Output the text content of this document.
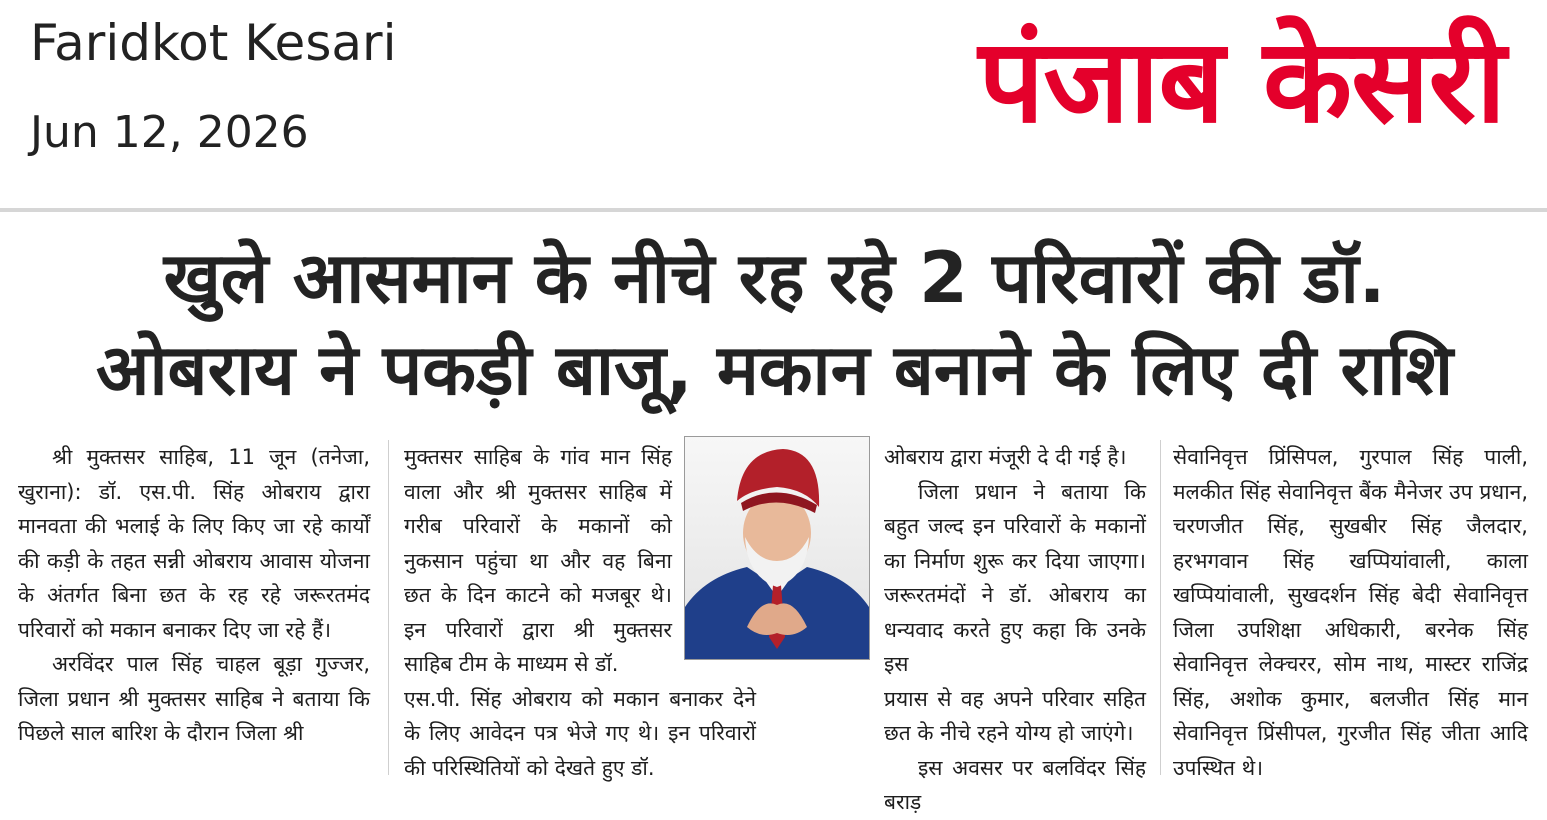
Faridkot Kesari
Jun 12, 2026	पंजाब केसरी
खुले आसमान के नीचे रह रहे 2 परिवारों की डॉ.
ओबराय ने पकड़ी बाजू, मकान बनाने के लिए दी राशि

श्री मुक्तसर साहिब, 11 जून (तनेजा, खुराना): डॉ. एस.पी. सिंह ओबराय द्वारा मानवता की भलाई के लिए किए जा रहे कार्यों की कड़ी के तहत सन्नी ओबराय आवास योजना के अंतर्गत बिना छत के रह रहे जरूरतमंद परिवारों को मकान बनाकर दिए जा रहे हैं।

अरविंदर पाल सिंह चाहल बूड़ा गुज्जर, जिला प्रधान श्री मुक्तसर साहिब ने बताया कि पिछले साल बारिश के दौरान जिला श्री

मुक्तसर साहिब के गांव मान सिंह वाला और श्री मुक्तसर साहिब में गरीब परिवारों के मकानों को नुकसान पहुंचा था और वह बिना छत के दिन काटने को मजबूर थे। इन परिवारों द्वारा श्री मुक्तसर साहिब टीम के माध्यम से डॉ.

एस.पी. सिंह ओबराय को मकान बनाकर देने के लिए आवेदन पत्र भेजे गए थे। इन परिवारों की परिस्थितियों को देखते हुए डॉ.

ओबराय द्वारा मंजूरी दे दी गई है।

जिला प्रधान ने बताया कि बहुत जल्द इन परिवारों के मकानों का निर्माण शुरू कर दिया जाएगा। जरूरतमंदों ने डॉ. ओबराय का धन्यवाद करते हुए कहा कि उनके इस

प्रयास से वह अपने परिवार सहित छत के नीचे रहने योग्य हो जाएंगे।

इस अवसर पर बलविंदर सिंह बराड़

सेवानिवृत्त प्रिंसिपल, गुरपाल सिंह पाली, मलकीत सिंह सेवानिवृत्त बैंक मैनेजर उप प्रधान, चरणजीत सिंह, सुखबीर सिंह जैलदार, हरभगवान सिंह खप्पियांवाली, काला खप्पियांवाली, सुखदर्शन सिंह बेदी सेवानिवृत्त जिला उपशिक्षा अधिकारी, बरनेक सिंह सेवानिवृत्त लेक्चरर, सोम नाथ, मास्टर राजिंद्र सिंह, अशोक कुमार, बलजीत सिंह मान सेवानिवृत्त प्रिंसीपल, गुरजीत सिंह जीता आदि उपस्थित थे।
